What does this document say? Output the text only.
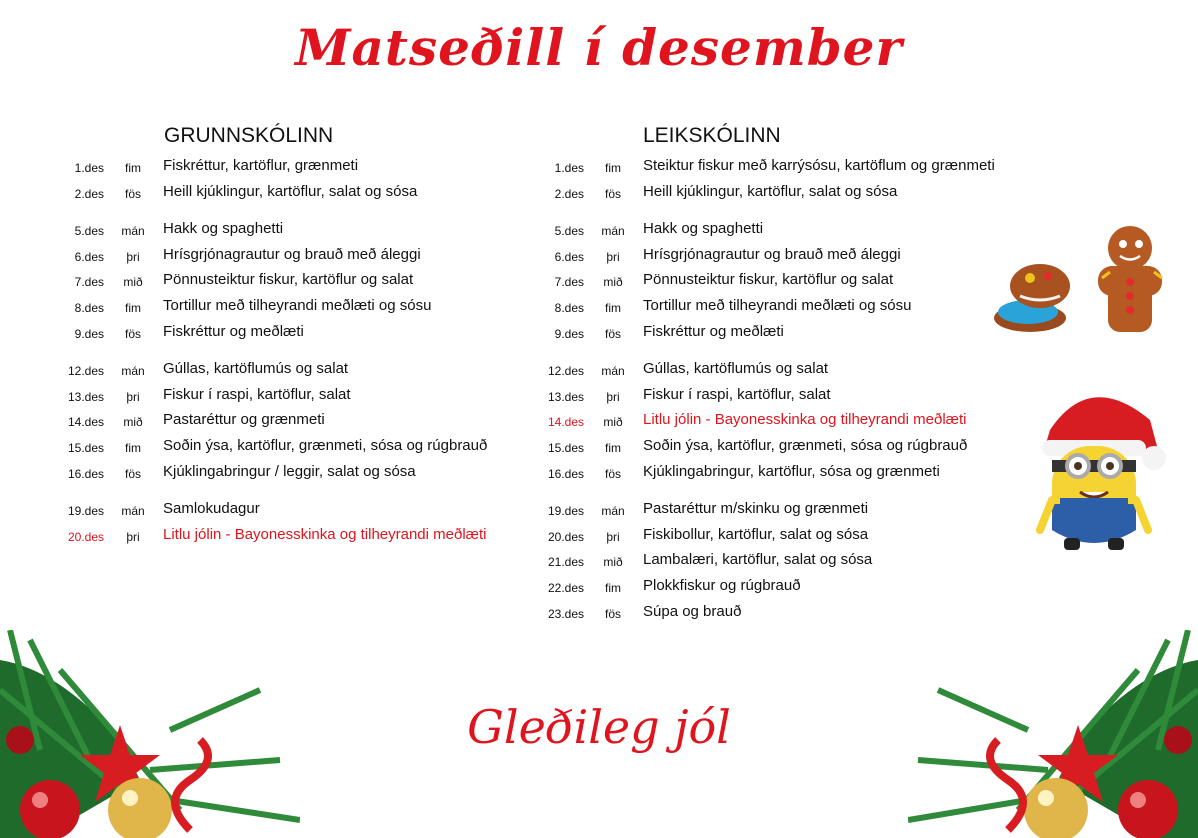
Matseðill í desember
GRUNNSKÓLINN
1.des	fim	Fiskréttur, kartöflur, grænmeti
2.des	fös	Heill kjúklingur, kartöflur, salat og sósa
5.des	mán	Hakk og spaghetti
6.des	þri	Hrísgrjónagrautur og brauð með áleggi
7.des	mið	Pönnusteiktur fiskur, kartöflur og salat
8.des	fim	Tortillur með tilheyrandi meðlæti og sósu
9.des	fös	Fiskréttur og meðlæti
12.des	mán	Gúllas, kartöflumús og salat
13.des	þri	Fiskur í raspi, kartöflur, salat
14.des	mið	Pastaréttur og grænmeti
15.des	fim	Soðin ýsa, kartöflur, grænmeti, sósa og rúgbrauð
16.des	fös	Kjúklingabringur / leggir, salat og sósa
19.des	mán	Samlokudagur
20.des	þri	Litlu jólin - Bayonesskinka og tilheyrandi meðlæti
LEIKSKÓLINN
1.des	fim	Steiktur fiskur með karrýsósu, kartöflum og grænmeti
2.des	fös	Heill kjúklingur, kartöflur, salat og sósa
5.des	mán	Hakk og spaghetti
6.des	þri	Hrísgrjónagrautur og brauð með áleggi
7.des	mið	Pönnusteiktur fiskur, kartöflur og salat
8.des	fim	Tortillur með tilheyrandi meðlæti og sósu
9.des	fös	Fiskréttur og meðlæti
12.des	mán	Gúllas, kartöflumús og salat
13.des	þri	Fiskur í raspi, kartöflur, salat
14.des	mið	Litlu jólin - Bayonesskinka og tilheyrandi meðlæti
15.des	fim	Soðin ýsa, kartöflur, grænmeti, sósa og rúgbrauð
16.des	fös	Kjúklingabringur, kartöflur, sósa og grænmeti
19.des	mán	Pastaréttur m/skinku og grænmeti
20.des	þri	Fiskibollur, kartöflur, salat og sósa
21.des	mið	Lambalæri, kartöflur, salat og sósa
22.des	fim	Plokkfiskur og rúgbrauð
23.des	fös	Súpa og brauð
Gleðileg jól
